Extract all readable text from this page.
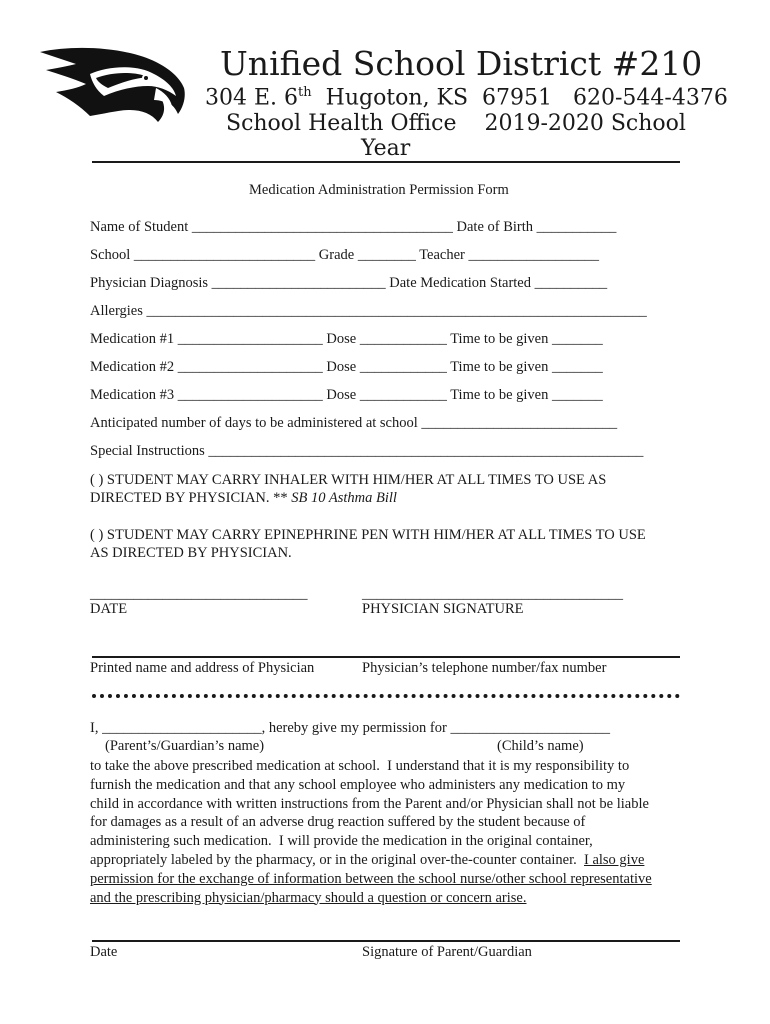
Unified School District #210
304 E. 6th  Hugoton, KS  67951   620-544-4376
School Health Office    2019-2020 School
Year
Medication Administration Permission Form
Name of Student ____________________________________ Date of Birth ___________
School _________________________ Grade ________ Teacher __________________
Physician Diagnosis ________________________ Date Medication Started __________
Allergies _____________________________________________________________________
Medication #1 ____________________ Dose ____________ Time to be given _______
Medication #2 ____________________ Dose ____________ Time to be given _______
Medication #3 ____________________ Dose ____________ Time to be given _______
Anticipated number of days to be administered at school ___________________________
Special Instructions ____________________________________________________________
( ) STUDENT MAY CARRY INHALER WITH HIM/HER AT ALL TIMES TO USE AS
DIRECTED BY PHYSICIAN. ** SB 10 Asthma Bill
( ) STUDENT MAY CARRY EPINEPHRINE PEN WITH HIM/HER AT ALL TIMES TO USE
AS DIRECTED BY PHYSICIAN.
______________________________	____________________________________
DATE	PHYSICIAN SIGNATURE
Printed name and address of Physician	Physician’s telephone number/fax number
I, ______________________, hereby give my permission for ______________________
(Parent’s/Guardian’s name)	(Child’s name)
to take the above prescribed medication at school.  I understand that it is my responsibility to
furnish the medication and that any school employee who administers any medication to my
child in accordance with written instructions from the Parent and/or Physician shall not be liable
for damages as a result of an adverse drug reaction suffered by the student because of
administering such medication.  I will provide the medication in the original container,
appropriately labeled by the pharmacy, or in the original over-the-counter container.  I also give
permission for the exchange of information between the school nurse/other school representative
and the prescribing physician/pharmacy should a question or concern arise.
Date	Signature of Parent/Guardian
